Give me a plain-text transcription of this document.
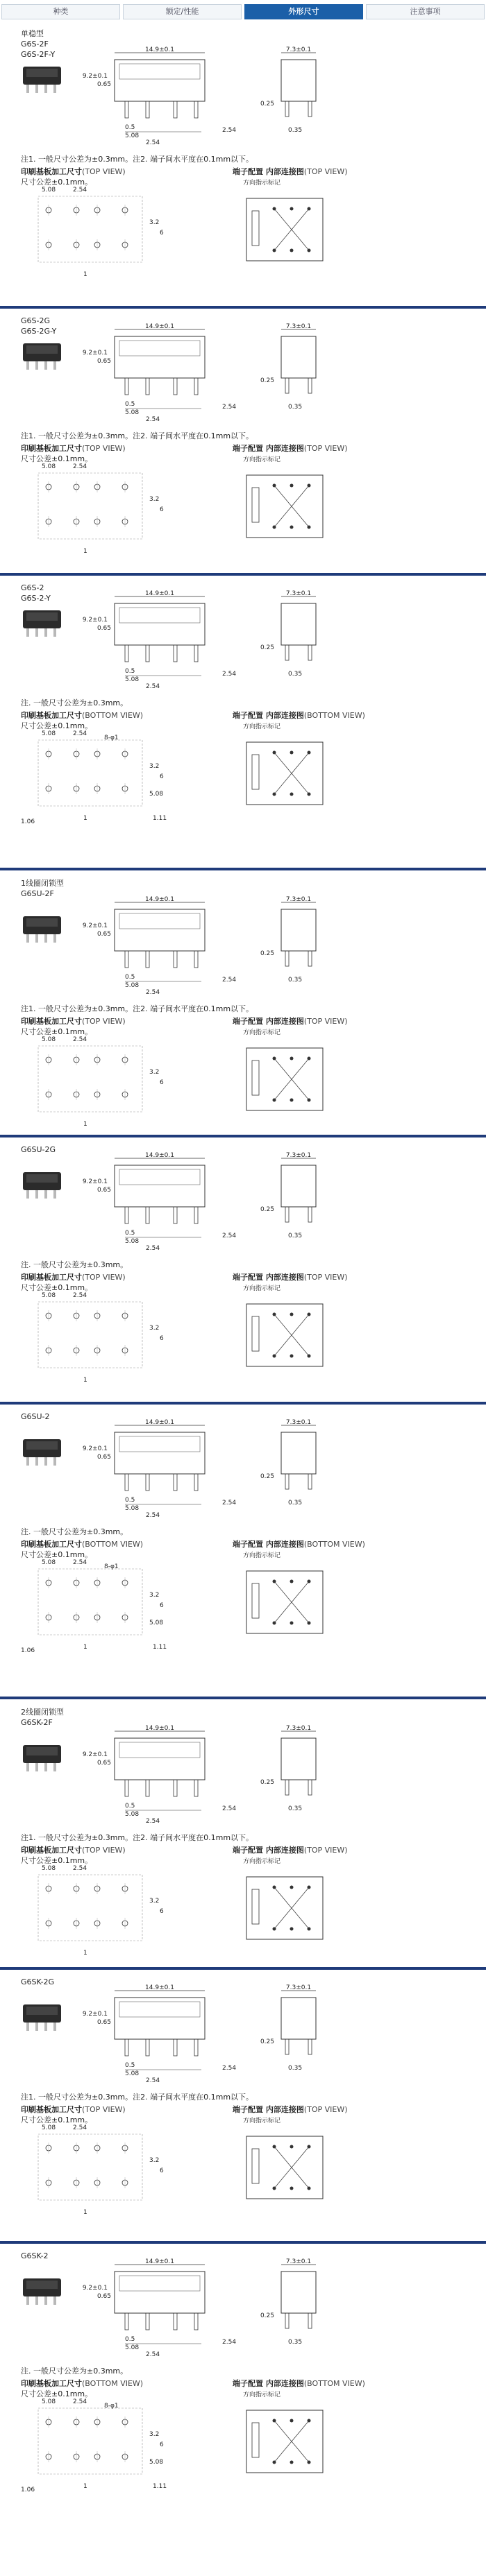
种类	额定/性能	外形尺寸	注意事项
单稳型
G6S-2F
G6S-2F-Y	14.9±0.1
9.2±0.1
0.65
0.5
5.08
2.54
2.54
7.3±0.1
0.25
0.35
注1. 一般尺寸公差为±0.3mm。注2. 端子间水平度在0.1mm以下。
印刷基板加工尺寸(TOP VIEW)	端子配置 内部连接图(TOP VIEW)
尺寸公差±0.1mm。	方向指示标记
5.08	2.54
3.2
6
1
G6S-2G
G6S-2G-Y	14.9±0.1
9.2±0.1
0.65
0.5
5.08
2.54
2.54
7.3±0.1
0.25
0.35
注1. 一般尺寸公差为±0.3mm。注2. 端子间水平度在0.1mm以下。
印刷基板加工尺寸(TOP VIEW)	端子配置 内部连接图(TOP VIEW)
尺寸公差±0.1mm。	方向指示标记
5.08	2.54
3.2
6
1
G6S-2
G6S-2-Y	14.9±0.1
9.2±0.1
0.65
0.5
5.08
2.54
2.54
7.3±0.1
0.25
0.35
注. 一般尺寸公差为±0.3mm。
印刷基板加工尺寸(BOTTOM VIEW)	端子配置 内部连接图(BOTTOM VIEW)
尺寸公差±0.1mm。	方向指示标记
5.08	2.54
3.2
6
1
8-φ1
1.06	1.11
5.08
1线圈闭锁型
G6SU-2F
14.9±0.1
9.2±0.1
0.65
0.5
5.08
2.54
2.54
7.3±0.1
0.25
0.35
注1. 一般尺寸公差为±0.3mm。注2. 端子间水平度在0.1mm以下。
印刷基板加工尺寸(TOP VIEW)	端子配置 内部连接图(TOP VIEW)
尺寸公差±0.1mm。	方向指示标记
5.08	2.54
3.2
6
1
G6SU-2G
14.9±0.1
9.2±0.1
0.65
0.5
5.08
2.54
2.54
7.3±0.1
0.25
0.35
注. 一般尺寸公差为±0.3mm。
印刷基板加工尺寸(TOP VIEW)	端子配置 内部连接图(TOP VIEW)
尺寸公差±0.1mm。	方向指示标记
5.08	2.54
3.2
6
1
G6SU-2
14.9±0.1
9.2±0.1
0.65
0.5
5.08
2.54
2.54
7.3±0.1
0.25
0.35
注. 一般尺寸公差为±0.3mm。
印刷基板加工尺寸(BOTTOM VIEW)	端子配置 内部连接图(BOTTOM VIEW)
尺寸公差±0.1mm。	方向指示标记
5.08	2.54
3.2
6
1
8-φ1
1.06	1.11
5.08
2线圈闭锁型
G6SK-2F
14.9±0.1
9.2±0.1
0.65
0.5
5.08
2.54
2.54
7.3±0.1
0.25
0.35
注1. 一般尺寸公差为±0.3mm。注2. 端子间水平度在0.1mm以下。
印刷基板加工尺寸(TOP VIEW)	端子配置 内部连接图(TOP VIEW)
尺寸公差±0.1mm。	方向指示标记
5.08	2.54
3.2
6
1
G6SK-2G
14.9±0.1
9.2±0.1
0.65
0.5
5.08
2.54
2.54
7.3±0.1
0.25
0.35
注1. 一般尺寸公差为±0.3mm。注2. 端子间水平度在0.1mm以下。
印刷基板加工尺寸(TOP VIEW)	端子配置 内部连接图(TOP VIEW)
尺寸公差±0.1mm。	方向指示标记
5.08	2.54
3.2
6
1
G6SK-2
14.9±0.1
9.2±0.1
0.65
0.5
5.08
2.54
2.54
7.3±0.1
0.25
0.35
注. 一般尺寸公差为±0.3mm。
印刷基板加工尺寸(BOTTOM VIEW)	端子配置 内部连接图(BOTTOM VIEW)
尺寸公差±0.1mm。	方向指示标记
5.08	2.54
3.2
6
1
8-φ1
1.06	1.11
5.08
